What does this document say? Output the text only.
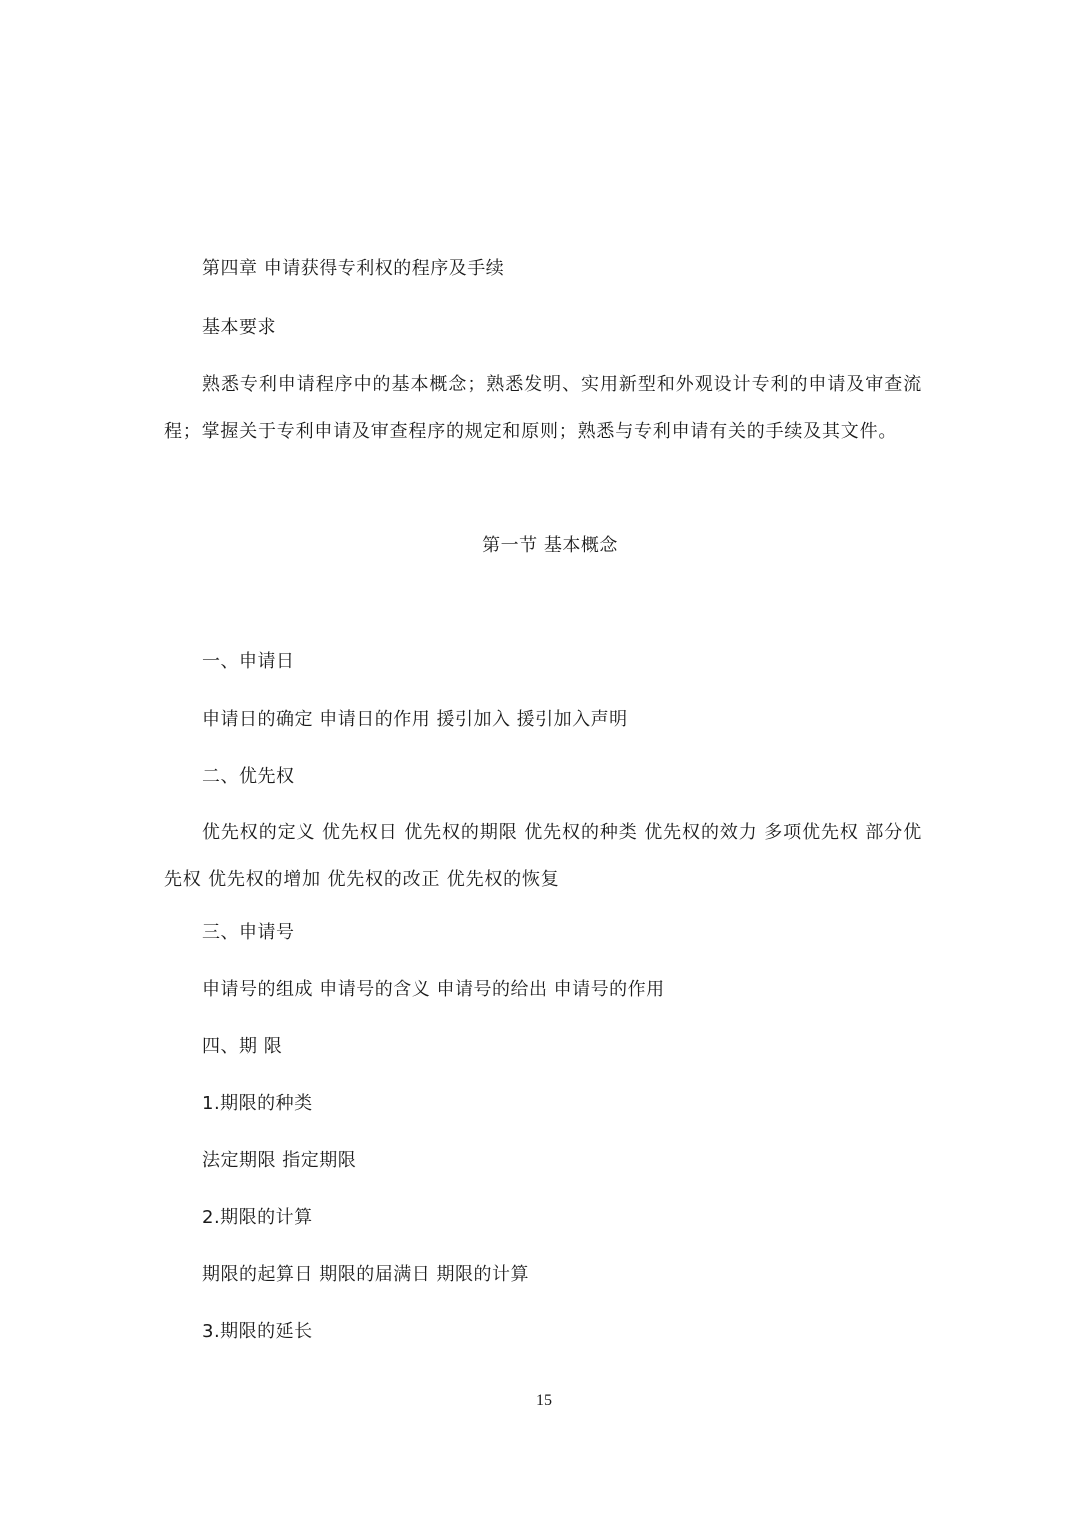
第四章 申请获得专利权的程序及手续
基本要求
熟悉专利申请程序中的基本概念；熟悉发明、实用新型和外观设计专利的申请及审查流程；掌握关于专利申请及审查程序的规定和原则；熟悉与专利申请有关的手续及其文件。
第一节 基本概念
一、申请日
申请日的确定 申请日的作用 援引加入 援引加入声明
二、优先权
优先权的定义 优先权日 优先权的期限 优先权的种类 优先权的效力 多项优先权 部分优先权 优先权的增加 优先权的改正 优先权的恢复
三、申请号
申请号的组成 申请号的含义 申请号的给出 申请号的作用
四、期 限
1.期限的种类
法定期限 指定期限
2.期限的计算
期限的起算日 期限的届满日 期限的计算
3.期限的延长
15
